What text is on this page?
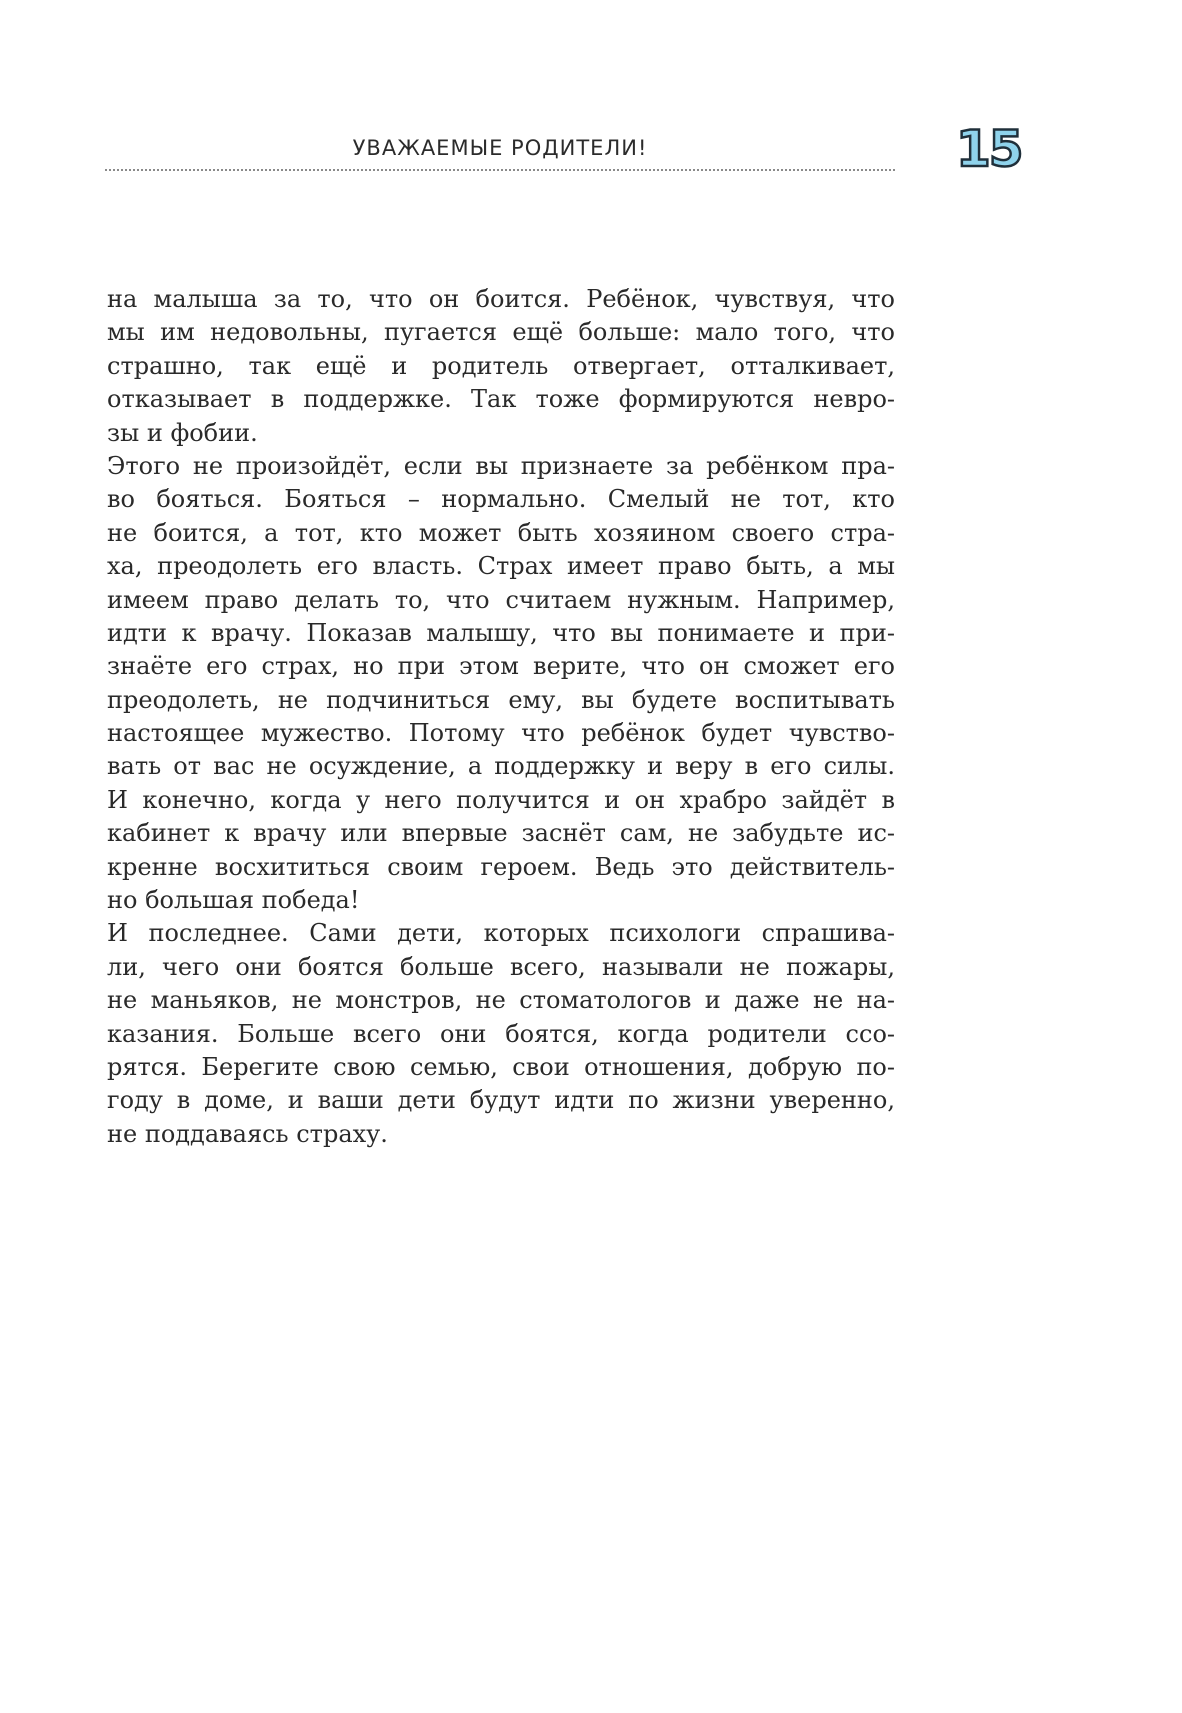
УВАЖАЕМЫЕ РОДИТЕЛИ!	15
на малыша за то, что он боится. Ребёнок, чувствуя, что
мы им недовольны, пугается ещё больше: мало того, что
страшно, так ещё и родитель отвергает, отталкивает,
отказывает в поддержке. Так тоже формируются невро-
зы и фобии.
Этого не произойдёт, если вы признаете за ребёнком пра-
во бояться. Бояться – нормально. Смелый не тот, кто
не боится, а тот, кто может быть хозяином своего стра-
ха, преодолеть его власть. Страх имеет право быть, а мы
имеем право делать то, что считаем нужным. Например,
идти к врачу. Показав малышу, что вы понимаете и при-
знаёте его страх, но при этом верите, что он сможет его
преодолеть, не подчиниться ему, вы будете воспитывать
настоящее мужество. Потому что ребёнок будет чувство-
вать от вас не осуждение, а поддержку и веру в его силы.
И конечно, когда у него получится и он храбро зайдёт в
кабинет к врачу или впервые заснёт сам, не забудьте ис-
кренне восхититься своим героем. Ведь это действитель-
но большая победа!
И последнее. Сами дети, которых психологи спрашива-
ли, чего они боятся больше всего, называли не пожары,
не маньяков, не монстров, не стоматологов и даже не на-
казания. Больше всего они боятся, когда родители ссо-
рятся. Берегите свою семью, свои отношения, добрую по-
году в доме, и ваши дети будут идти по жизни уверенно,
не поддаваясь страху.
